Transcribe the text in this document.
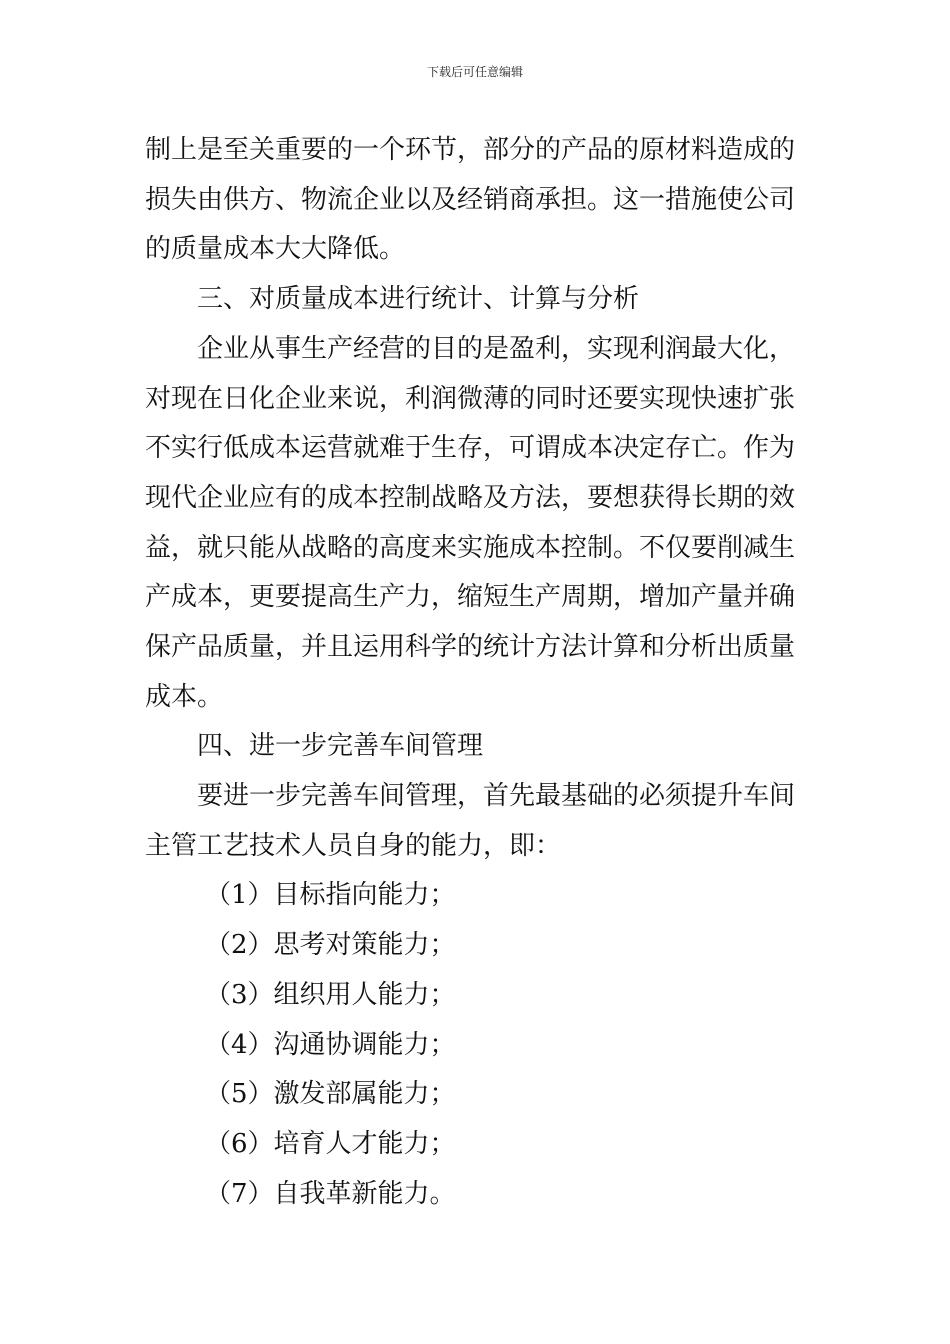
下载后可任意编辑
制上是至关重要的一个环节，部分的产品的原材料造成的
损失由供方、物流企业以及经销商承担。这一措施使公司
的质量成本大大降低。
三、对质量成本进行统计、计算与分析
企业从事生产经营的目的是盈利，实现利润最大化，
对现在日化企业来说，利润微薄的同时还要实现快速扩张
不实行低成本运营就难于生存，可谓成本决定存亡。作为
现代企业应有的成本控制战略及方法，要想获得长期的效
益，就只能从战略的高度来实施成本控制。不仅要削减生
产成本，更要提高生产力，缩短生产周期，增加产量并确
保产品质量，并且运用科学的统计方法计算和分析出质量
成本。
四、进一步完善车间管理
要进一步完善车间管理，首先最基础的必须提升车间
主管工艺技术人员自身的能力，即：
（1）目标指向能力；
（2）思考对策能力；
（3）组织用人能力；
（4）沟通协调能力；
（5）激发部属能力；
（6）培育人才能力；
（7）自我革新能力。
